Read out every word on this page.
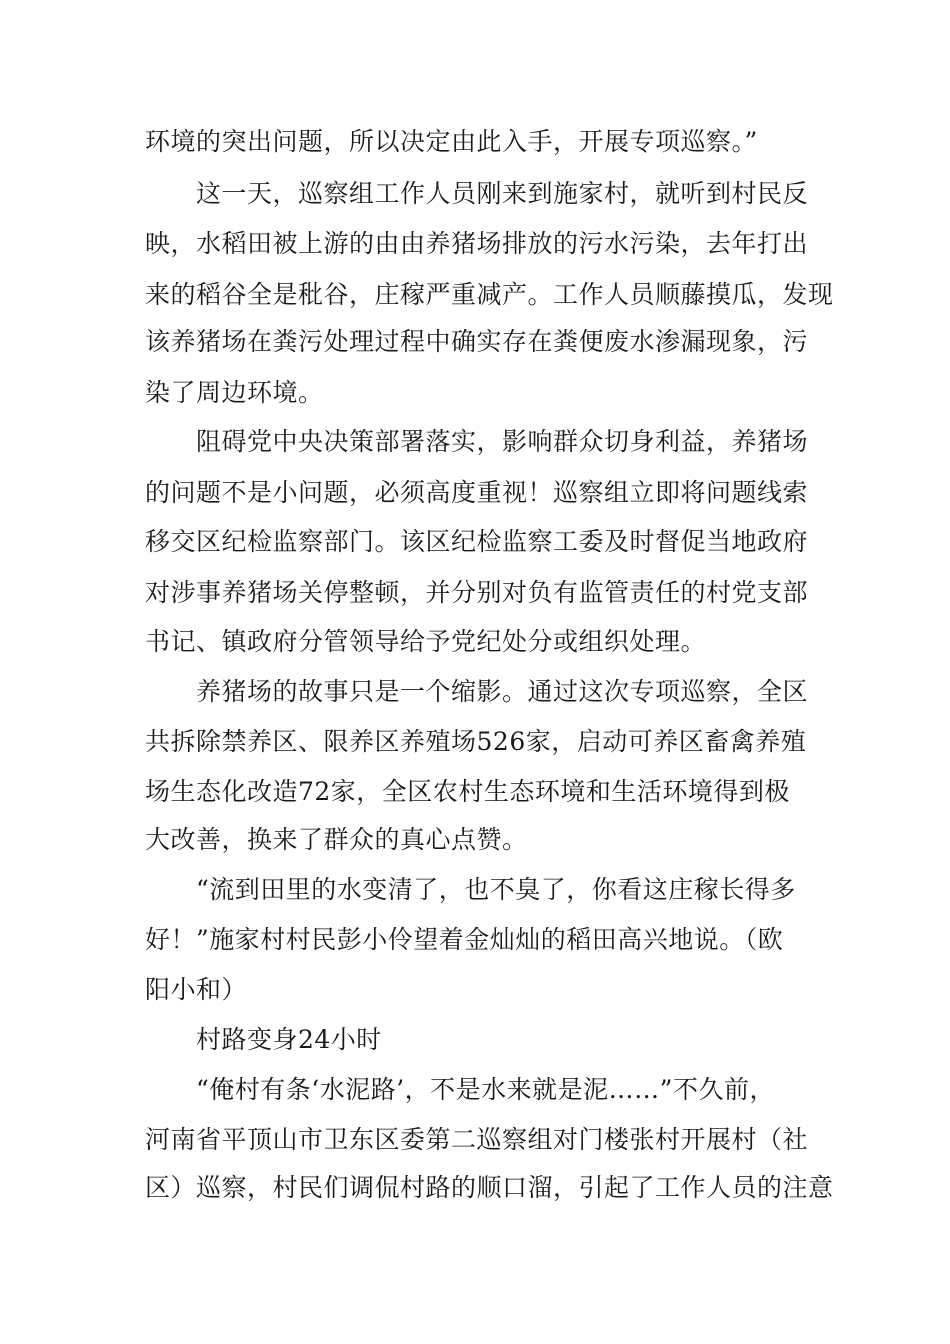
环境的突出问题，所以决定由此入手，开展专项巡察。”
这一天，巡察组工作人员刚来到施家村，就听到村民反
映，水稻田被上游的由由养猪场排放的污水污染，去年打出
来的稻谷全是秕谷，庄稼严重减产。工作人员顺藤摸瓜，发现
该养猪场在粪污处理过程中确实存在粪便废水渗漏现象，污
染了周边环境。
阻碍党中央决策部署落实，影响群众切身利益，养猪场
的问题不是小问题，必须高度重视！巡察组立即将问题线索
移交区纪检监察部门。该区纪检监察工委及时督促当地政府
对涉事养猪场关停整顿，并分别对负有监管责任的村党支部
书记、镇政府分管领导给予党纪处分或组织处理。
养猪场的故事只是一个缩影。通过这次专项巡察，全区
共拆除禁养区、限养区养殖场526家，启动可养区畜禽养殖
场生态化改造72家，全区农村生态环境和生活环境得到极
大改善，换来了群众的真心点赞。
“流到田里的水变清了，也不臭了，你看这庄稼长得多
好！”施家村村民彭小伶望着金灿灿的稻田高兴地说。（欧
阳小和）
村路变身24小时
“俺村有条‘水泥路’，不是水来就是泥……”不久前，
河南省平顶山市卫东区委第二巡察组对门楼张村开展村（社
区）巡察，村民们调侃村路的顺口溜，引起了工作人员的注意
